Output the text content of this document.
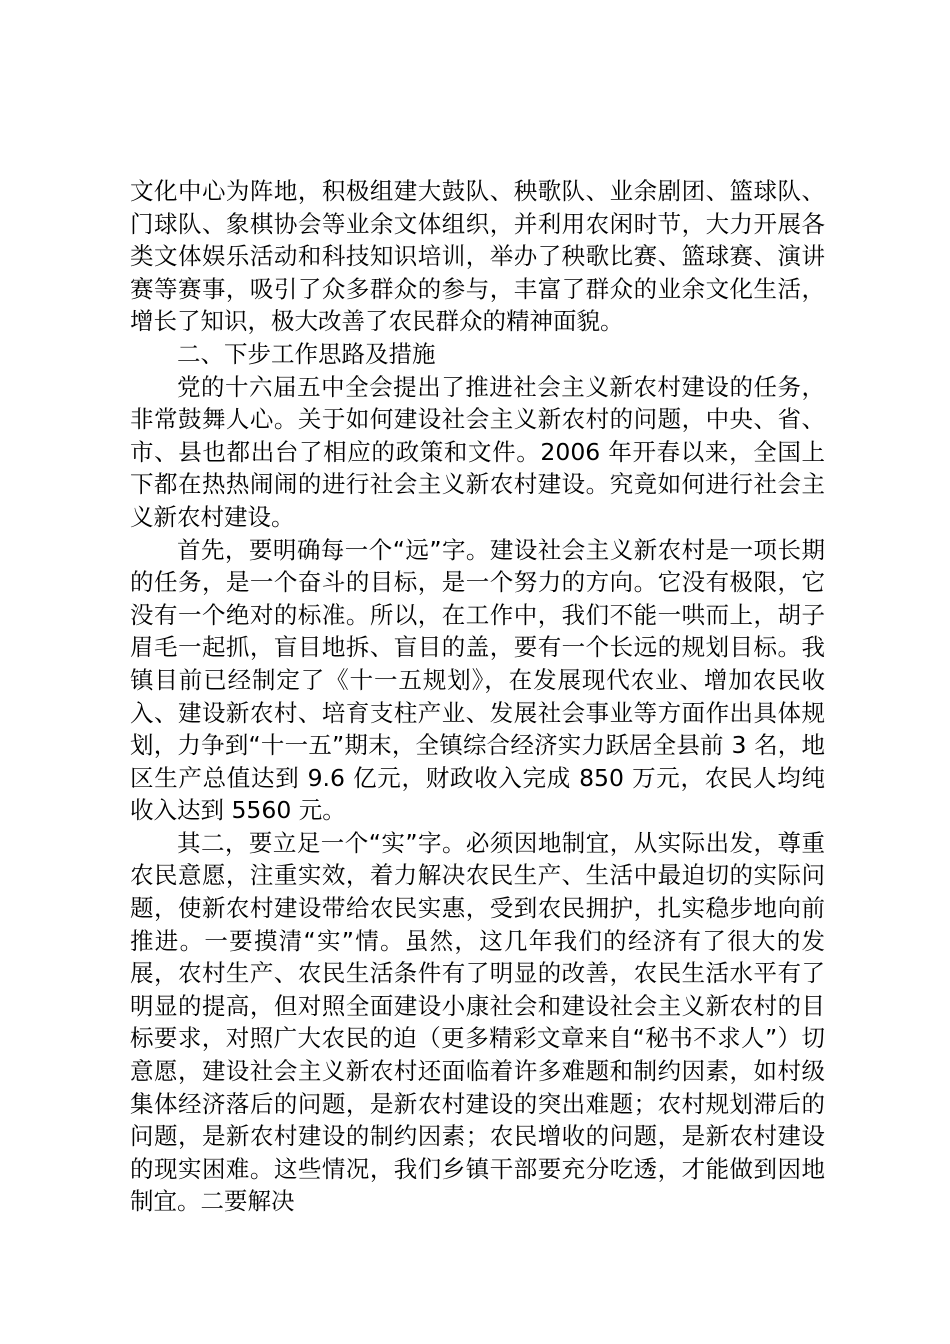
文化中心为阵地，积极组建大鼓队、秧歌队、业余剧团、篮球队、门球队、象棋协会等业余文体组织，并利用农闲时节，大力开展各类文体娱乐活动和科技知识培训，举办了秧歌比赛、篮球赛、演讲赛等赛事，吸引了众多群众的参与，丰富了群众的业余文化生活，增长了知识，极大改善了农民群众的精神面貌。

二、下步工作思路及措施

党的十六届五中全会提出了推进社会主义新农村建设的任务，非常鼓舞人心。关于如何建设社会主义新农村的问题，中央、省、市、县也都出台了相应的政策和文件。2006 年开春以来，全国上下都在热热闹闹的进行社会主义新农村建设。究竟如何进行社会主义新农村建设。

首先，要明确每一个“远”字。建设社会主义新农村是一项长期的任务，是一个奋斗的目标，是一个努力的方向。它没有极限，它没有一个绝对的标准。所以，在工作中，我们不能一哄而上，胡子眉毛一起抓，盲目地拆、盲目的盖，要有一个长远的规划目标。我镇目前已经制定了《十一五规划》，在发展现代农业、增加农民收入、建设新农村、培育支柱产业、发展社会事业等方面作出具体规划，力争到“十一五”期末，全镇综合经济实力跃居全县前 3 名，地区生产总值达到 9.6 亿元，财政收入完成 850 万元，农民人均纯收入达到 5560 元。

其二，要立足一个“实”字。必须因地制宜，从实际出发，尊重农民意愿，注重实效，着力解决农民生产、生活中最迫切的实际问题，使新农村建设带给农民实惠，受到农民拥护，扎实稳步地向前推进。一要摸清“实”情。虽然，这几年我们的经济有了很大的发展，农村生产、农民生活条件有了明显的改善，农民生活水平有了明显的提高，但对照全面建设小康社会和建设社会主义新农村的目标要求，对照广大农民的迫（更多精彩文章来自“秘书不求人”）切意愿，建设社会主义新农村还面临着许多难题和制约因素，如村级集体经济落后的问题，是新农村建设的突出难题；农村规划滞后的问题，是新农村建设的制约因素；农民增收的问题，是新农村建设的现实困难。这些情况，我们乡镇干部要充分吃透，才能做到因地制宜。二要解决
